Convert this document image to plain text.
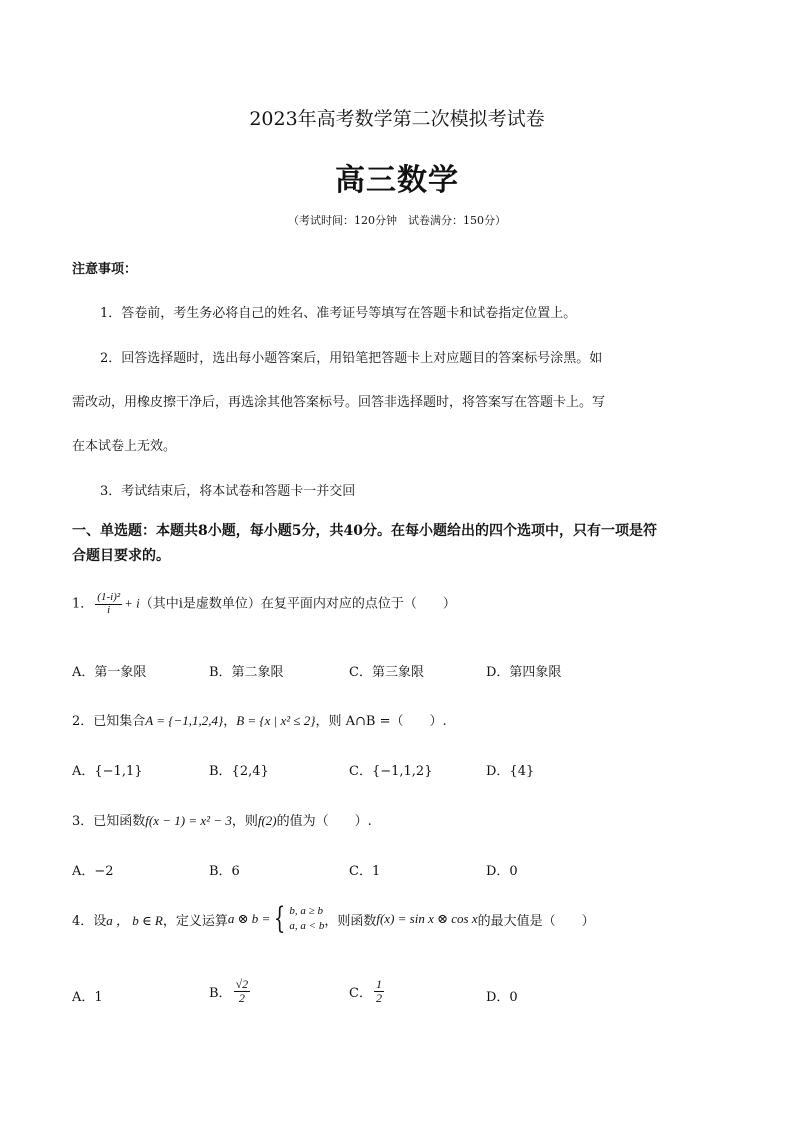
2023年高考数学第二次模拟考试卷
高三数学
（考试时间：120分钟　试卷满分：150分）
注意事项：
1．答卷前，考生务必将自己的姓名、准考证号等填写在答题卡和试卷指定位置上。
2．回答选择题时，选出每小题答案后，用铅笔把答题卡上对应题目的答案标号涂黑。如
需改动，用橡皮擦干净后，再选涂其他答案标号。回答非选择题时，将答案写在答题卡上。写
在本试卷上无效。
3．考试结束后，将本试卷和答题卡一并交回
一、单选题：本题共8小题，每小题5分，共40分。在每小题给出的四个选项中，只有一项是符
合题目要求的。
1． $\frac{\text{(1-i)²}}{i} + i$（其中i是虚数单位）在复平面内对应的点位于（　　）
A．第一象限	B．第二象限	C．第三象限	D．第四象限
2．已知集合A = {−1,1,2,4}，B = {x | x² ≤ 2}，则 A∩B =（　　）.
A．{−1,1}	B．{2,4}	C．{−1,1,2}	D．{4}
3．已知函数f(x − 1) = x² − 3，则f(2)的值为（　　）.
A．−2	B．6	C．1	D．0
4． 设 a ， b ∈ R ，定义运算 a ⊗ b = { b, a ≥ b
a, a < b ，则函数 f(x) = sin x ⊗ cos x 的最大值是（　　）
A．1	B． $\frac{√2}{2}$	C． $\frac{1}{2}$	D．0
